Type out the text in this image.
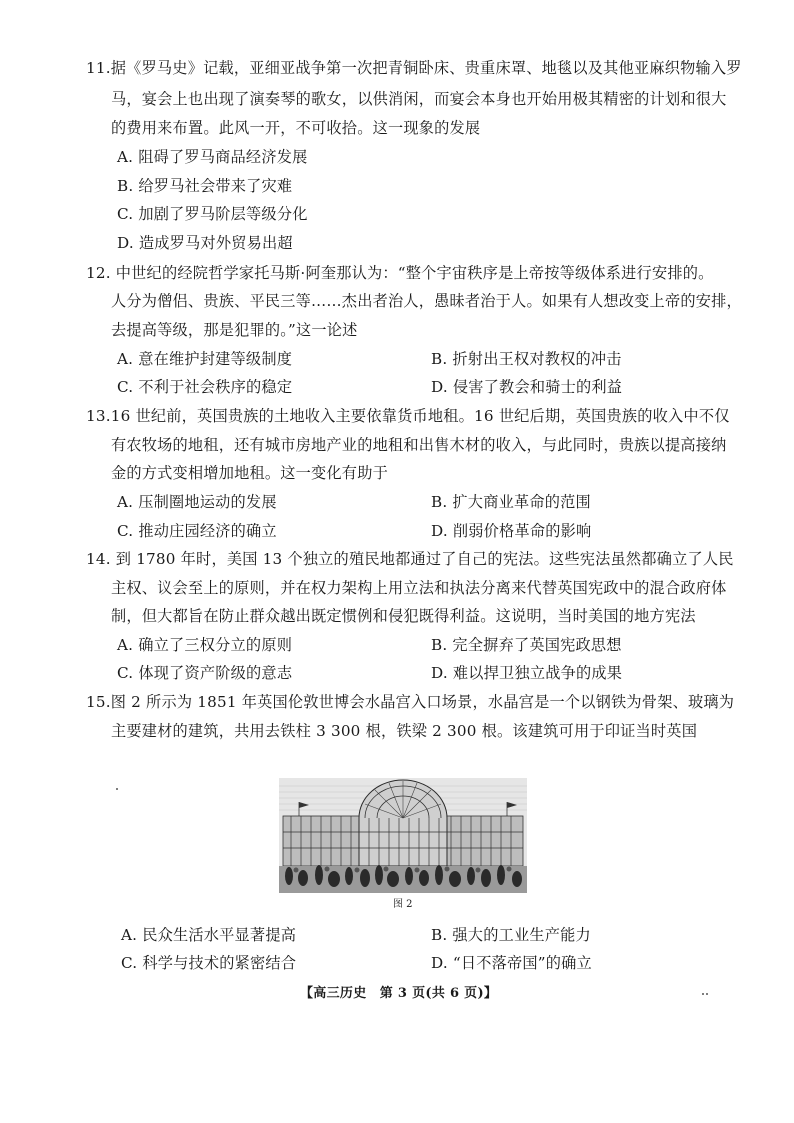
11.据《罗马史》记载，亚细亚战争第一次把青铜卧床、贵重床罩、地毯以及其他亚麻织物输入罗
马，宴会上也出现了演奏琴的歌女，以供消闲，而宴会本身也开始用极其精密的计划和很大
的费用来布置。此风一开，不可收拾。这一现象的发展
A. 阻碍了罗马商品经济发展
B. 给罗马社会带来了灾难
C. 加剧了罗马阶层等级分化
D. 造成罗马对外贸易出超
12. 中世纪的经院哲学家托马斯·阿奎那认为：“整个宇宙秩序是上帝按等级体系进行安排的。
人分为僧侣、贵族、平民三等……杰出者治人，愚昧者治于人。如果有人想改变上帝的安排，
去提高等级，那是犯罪的。”这一论述
A. 意在维护封建等级制度	B. 折射出王权对教权的冲击
C. 不利于社会秩序的稳定	D. 侵害了教会和骑士的利益
13.16 世纪前，英国贵族的土地收入主要依靠货币地租。16 世纪后期，英国贵族的收入中不仅
有农牧场的地租，还有城市房地产业的地租和出售木材的收入，与此同时，贵族以提高接纳
金的方式变相增加地租。这一变化有助于
A. 压制圈地运动的发展	B. 扩大商业革命的范围
C. 推动庄园经济的确立	D. 削弱价格革命的影响
14. 到 1780 年时，美国 13 个独立的殖民地都通过了自己的宪法。这些宪法虽然都确立了人民
主权、议会至上的原则，并在权力架构上用立法和执法分离来代替英国宪政中的混合政府体
制，但大都旨在防止群众越出既定惯例和侵犯既得利益。这说明，当时美国的地方宪法
A. 确立了三权分立的原则	B. 完全摒弃了英国宪政思想
C. 体现了资产阶级的意志	D. 难以捍卫独立战争的成果
15.图 2 所示为 1851 年英国伦敦世博会水晶宫入口场景，水晶宫是一个以钢铁为骨架、玻璃为
主要建材的建筑，共用去铁柱 3 300 根，铁梁 2 300 根。该建筑可用于印证当时英国
图 2
A. 民众生活水平显著提高	B. 强大的工业生产能力
C. 科学与技术的紧密结合	D. “日不落帝国”的确立
【高三历史　第 3 页(共 6 页)】
